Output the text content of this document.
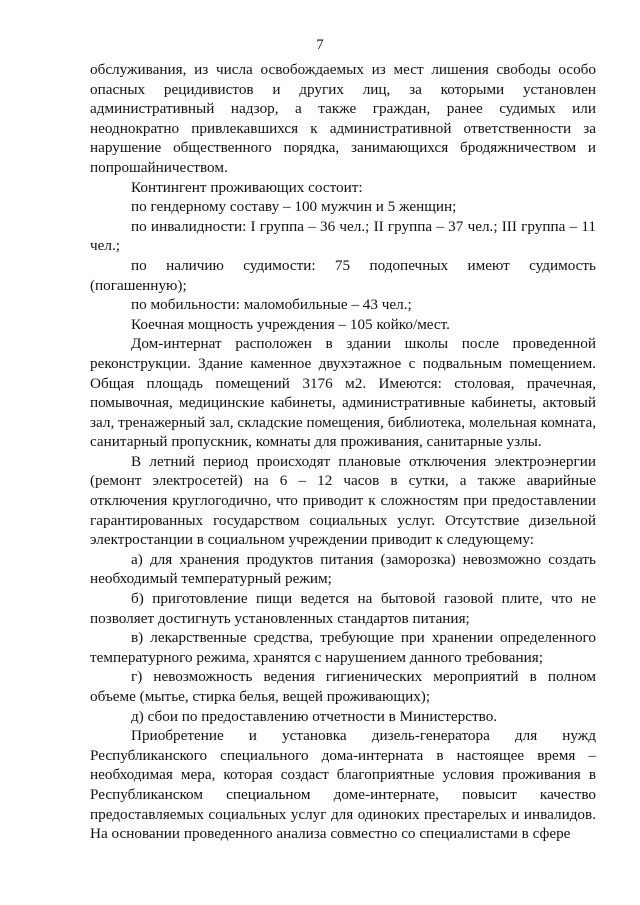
7

обслуживания, из числа освобождаемых из мест лишения свободы особо опасных рецидивистов и других лиц, за которыми установлен административный надзор, а также граждан, ранее судимых или неоднократно привлекавшихся к административной ответственности за нарушение общественного порядка, занимающихся бродяжничеством и попрошайничеством.

Контингент проживающих состоит:

по гендерному составу – 100 мужчин и 5 женщин;

по инвалидности: I группа – 36 чел.; II группа – 37 чел.; III группа – 11 чел.;

по наличию судимости: 75 подопечных имеют судимость (погашенную);

по мобильности: маломобильные – 43 чел.;

Коечная мощность учреждения – 105 койко/мест.

Дом-интернат расположен в здании школы после проведенной реконструкции. Здание каменное двухэтажное с подвальным помещением. Общая площадь помещений 3176 м2. Имеются: столовая, прачечная, помывочная, медицинские кабинеты, административные кабинеты, актовый зал, тренажерный зал, складские помещения, библиотека, молельная комната, санитарный пропускник, комнаты для проживания, санитарные узлы.

В летний период происходят плановые отключения электроэнергии (ремонт электросетей) на 6 – 12 часов в сутки, а также аварийные отключения круглогодично, что приводит к сложностям при предоставлении гарантированных государством социальных услуг. Отсутствие дизельной электростанции в социальном учреждении приводит к следующему:

а) для хранения продуктов питания (заморозка) невозможно создать необходимый температурный режим;

б) приготовление пищи ведется на бытовой газовой плите, что не позволяет достигнуть установленных стандартов питания;

в) лекарственные средства, требующие при хранении определенного температурного режима, хранятся с нарушением данного требования;

г) невозможность ведения гигиенических мероприятий в полном объеме (мытье, стирка белья, вещей проживающих);

д) сбои по предоставлению отчетности в Министерство.

Приобретение и установка дизель-генератора для нужд Республиканского специального дома-интерната в настоящее время – необходимая мера, которая создаст благоприятные условия проживания в Республиканском специальном доме-интернате, повысит качество предоставляемых социальных услуг для одиноких престарелых и инвалидов. На основании проведенного анализа совместно со специалистами в сфере
